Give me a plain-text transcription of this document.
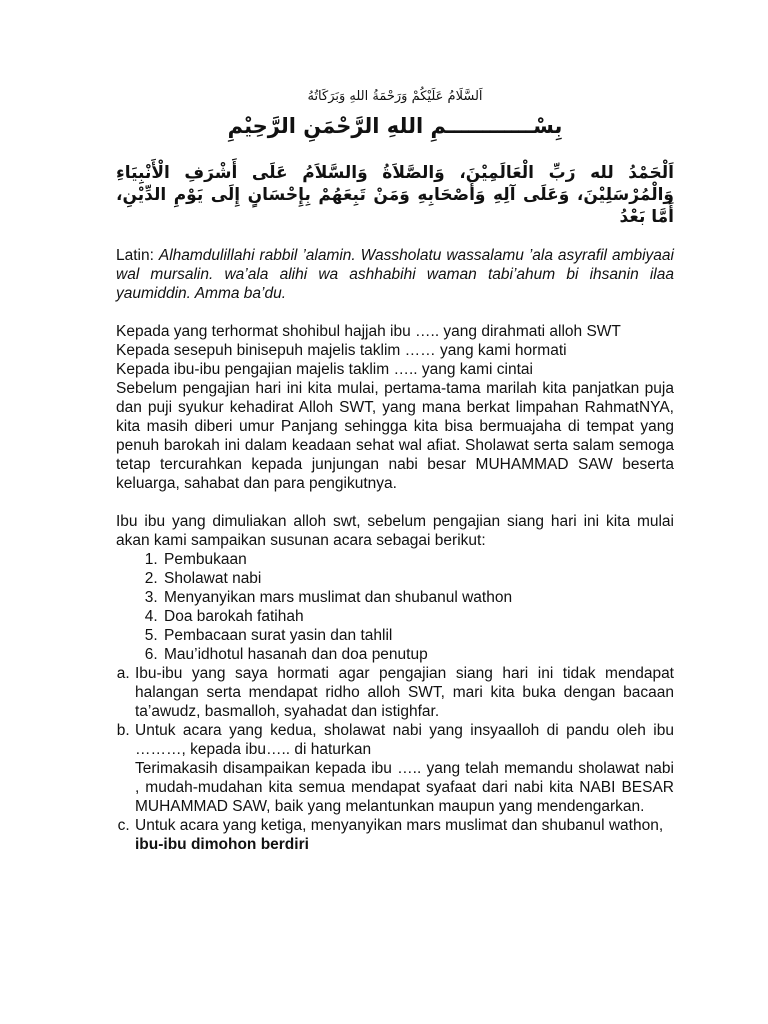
اَلسَّلَامُ عَلَيْكُمْ وَرَحْمَةُ اللهِ وَبَرَكَاتُهُ
بِسْــــــــــــمِ اللهِ الرَّحْمَنِ الرَّحِيْمِ
اَلْحَمْدُ لله رَبِّ الْعَالَمِيْنَ، وَالصَّلاَةُ وَالسَّلاَمُ عَلَى أَشْرَفِ الْأَنْبِيَاءِ وَالْمُرْسَلِيْنَ، وَعَلَى آلِهِ وَأَصْحَابِهِ وَمَنْ تَبِعَهُمْ بِإِحْسَانٍ إِلَى يَوْمِ الدِّيْنِ، أَمَّا بَعْدُ

Latin: Alhamdulillahi rabbil ’alamin. Wassholatu wassalamu ’ala asyrafil ambiyaai wal mursalin. wa’ala alihi wa ashhabihi waman tabi’ahum bi ihsanin ilaa yaumiddin. Amma ba’du.

Kepada yang terhormat shohibul hajjah ibu ….. yang dirahmati alloh SWT

Kepada sesepuh binisepuh majelis taklim …… yang kami hormati

Kepada ibu-ibu pengajian majelis taklim ….. yang kami cintai

Sebelum pengajian hari ini kita mulai, pertama-tama marilah kita panjatkan puja dan puji syukur kehadirat Alloh SWT, yang mana berkat limpahan RahmatNYA, kita masih diberi umur Panjang sehingga kita bisa bermuajaha di tempat yang penuh barokah ini dalam keadaan sehat wal afiat. Sholawat serta salam semoga tetap tercurahkan kepada junjungan nabi besar MUHAMMAD SAW beserta keluarga, sahabat dan para pengikutnya.

Ibu ibu yang dimuliakan alloh swt, sebelum pengajian siang hari ini kita mulai akan kami sampaikan susunan acara sebagai berikut:

1. Pembukaan
2. Sholawat nabi
3. Menyanyikan mars muslimat dan shubanul wathon
4. Doa barokah fatihah
5. Pembacaan surat yasin dan tahlil
6. Mau’idhotul hasanah dan doa penutup
a. Ibu-ibu yang saya hormati agar pengajian siang hari ini tidak mendapat halangan serta mendapat ridho alloh SWT, mari kita buka dengan bacaan ta’awudz, basmalloh, syahadat dan istighfar.
b. Untuk acara yang kedua, sholawat nabi yang insyaalloh di pandu oleh ibu ………, kepada ibu….. di haturkan
Terimakasih disampaikan kepada ibu ….. yang telah memandu sholawat nabi , mudah-mudahan kita semua mendapat syafaat dari nabi kita NABI BESAR MUHAMMAD SAW, baik yang melantunkan maupun yang mendengarkan.
c. Untuk acara yang ketiga, menyanyikan mars muslimat dan shubanul wathon,
ibu-ibu dimohon berdiri
